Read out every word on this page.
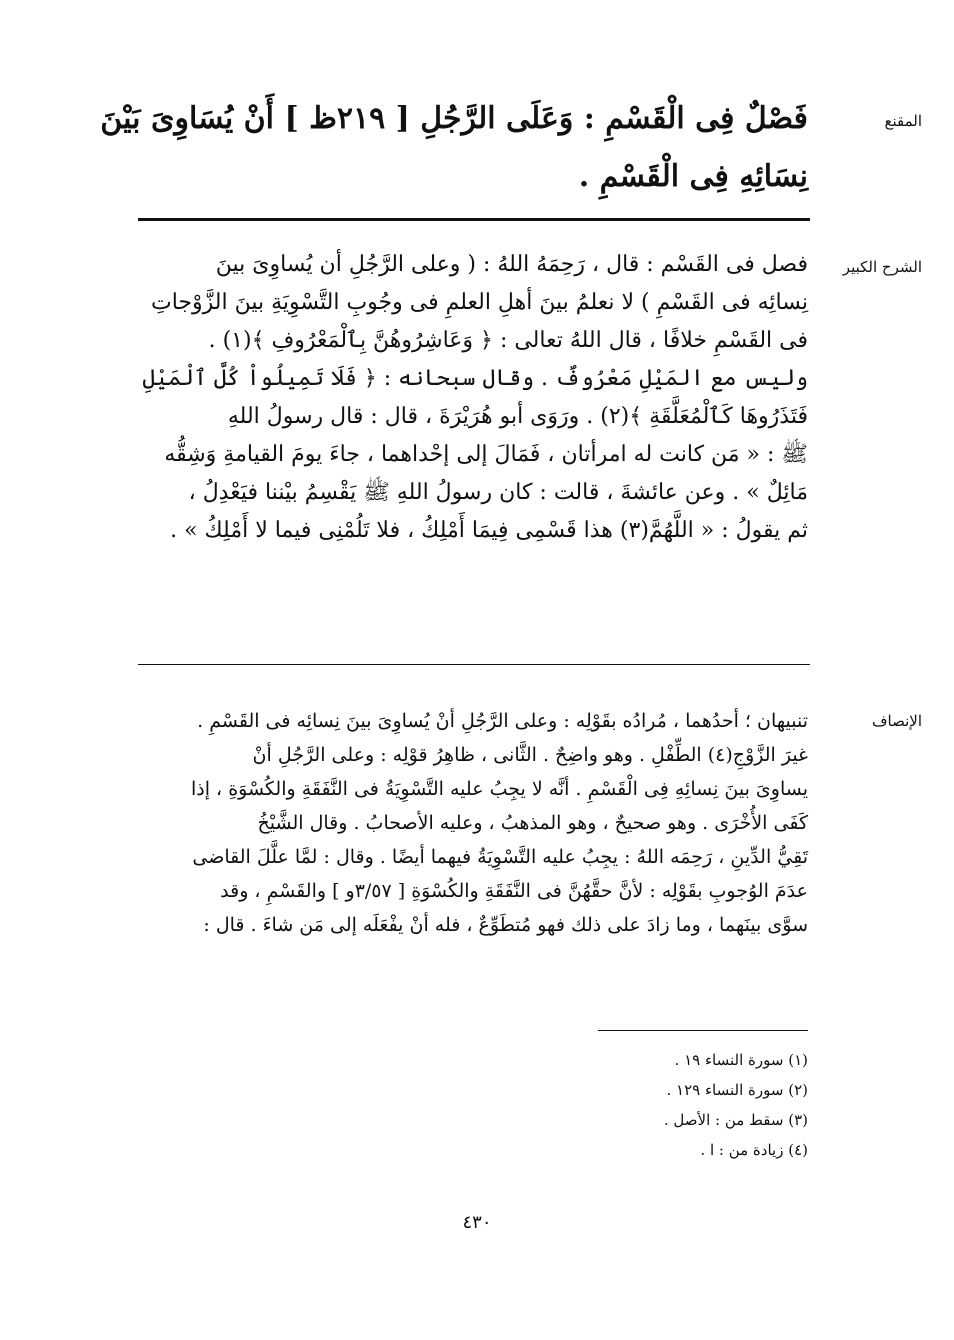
المقنع
فَصْلٌ فِى الْقَسْمِ : وَعَلَى الرَّجُلِ [ ٢١٩ظ ] أَنْ يُسَاوِىَ بَيْنَ
نِسَائِهِ فِى الْقَسْمِ .
الشرح الكبير
فصل فى القَسْم : قال ، رَحِمَهُ اللهُ : ( وعلى الرَّجُلِ أن يُساوِىَ بينَ
نِسائِه فى القَسْمِ ) لا نعلمُ بينَ أهلِ العلمِ فى وجُوبِ التَّسْوِيَةِ بينَ الزَّوْجاتِ
فى القَسْمِ خلافًا ، قال اللهُ تعالى : ﴿ وَعَاشِرُوهُنَّ بِٱلْمَعْرُوفِ ﴾(١) .
وليس مع المَيْلِ مَعْرُوفٌ . وقال سبحانه : ﴿ فَلَا تَمِيلُواْ كُلَّ ٱلْمَيْلِ
فَتَذَرُوهَا كَٱلْمُعَلَّقَةِ ﴾(٢) . ورَوَى أبو هُرَيْرَةَ ، قال : قال رسولُ اللهِ
ﷺ : « مَن كانت له امرأتان ، فَمَالَ إلى إحْداهما ، جاءَ يومَ القيامةِ وَشِقُّه
مَائِلٌ » . وعن عائشةَ ، قالت : كان رسولُ اللهِ ﷺ يَقْسِمُ بيْننا فيَعْدِلُ ،
ثم يقولُ : « اللَّهُمَّ(٣) هذا قَسْمِى فِيمَا أَمْلِكُ ، فلا تَلُمْنِى فيما لا أَمْلِكُ » .
الإنصاف
تنبيهان ؛ أحدُهما ، مُرادُه بقَوْلِه : وعلى الرَّجُلِ أنْ يُساوِىَ بينَ نِسائِه فى القَسْمِ .
غيرَ الزَّوْجِ(٤) الطِّفْلِ . وهو واضِحٌ . الثَّانى ، ظاهِرُ قوْلِه : وعلى الرَّجُلِ أنْ
يساوِىَ بينَ نِسائِهِ فِى الْقَسْمِ . أنَّه لا يجِبُ عليه التَّسْوِيَةُ فى النَّفَقَةِ والكُسْوَةِ ، إذا
كَفَى الأُخْرَى . وهو صحيحٌ ، وهو المذهبُ ، وعليه الأصحابُ . وقال الشَّيْخُ
تَقِيُّ الدِّينِ ، رَحِمَه اللهُ : يجِبُ عليه التَّسْوِيَةُ فيهما أيضًا . وقال : لمَّا علَّلَ القاضى
عدَمَ الوُجوبِ بقَوْلِه : لأنَّ حقَّهُنَّ فى النَّفَقَةِ والكُسْوَةِ [ ٣/٥٧و ] والقَسْمِ ، وقد
سوَّى بينَهما ، وما زادَ على ذلك فهو مُتطَوِّعٌ ، فله أنْ يفْعَلَه إلى مَن شاءَ . قال :
(١) سورة النساء ١٩ .
(٢) سورة النساء ١٢٩ .
(٣) سقط من : الأصل .
(٤) زيادة من : ا .
٤٣٠
